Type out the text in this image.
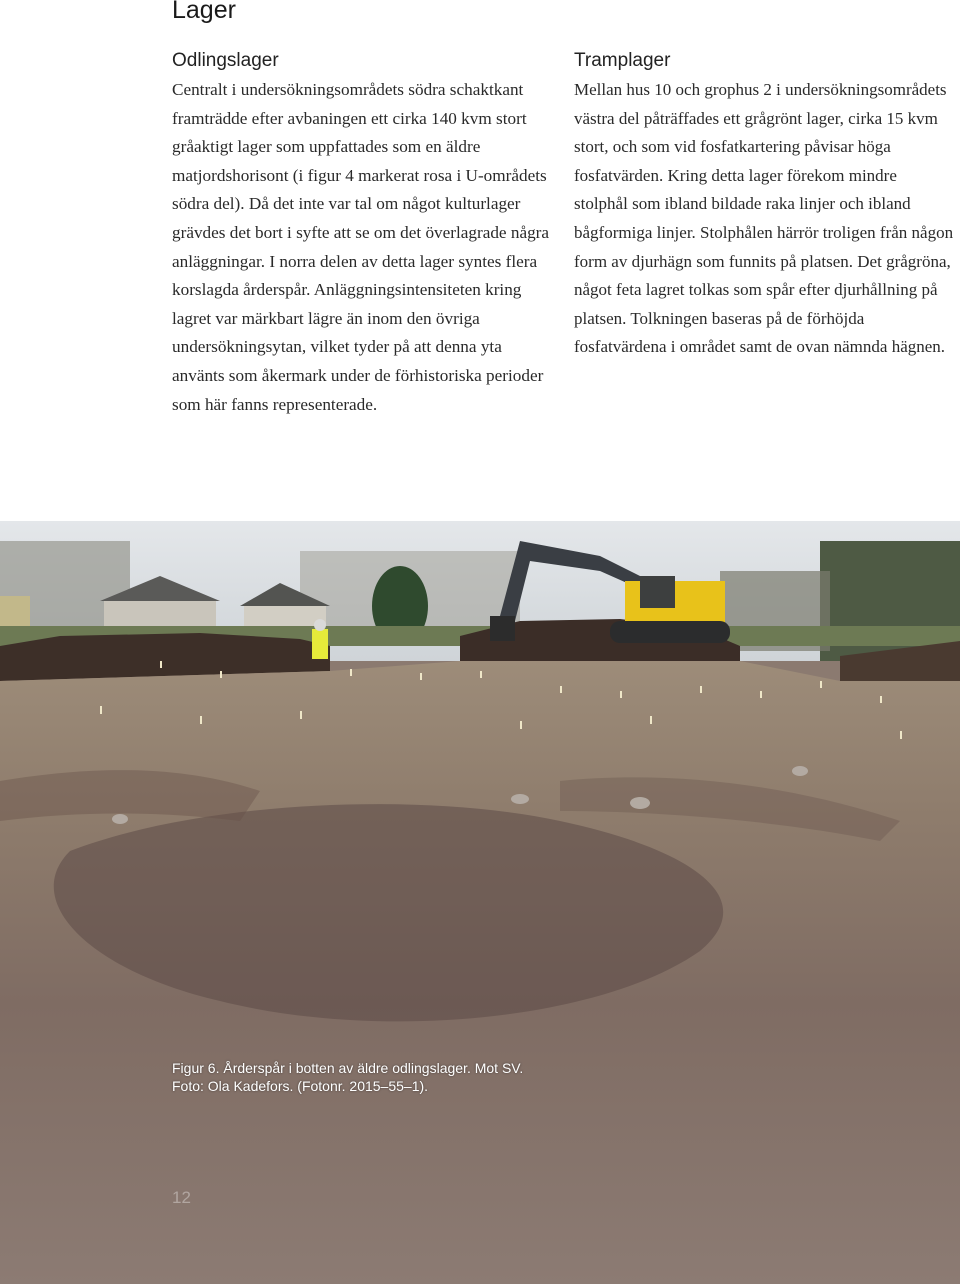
Lager
Odlingslager

Centralt i undersökningsområdets södra schaktkant framträdde efter avbaningen ett cirka 140 kvm stort gråaktigt lager som uppfattades som en äldre matjordshorisont (i figur 4 markerat rosa i U-områdets södra del). Då det inte var tal om något kulturlager grävdes det bort i syfte att se om det överlagrade några anläggningar. I norra delen av detta lager syntes flera korslagda årderspår. Anläggningsintensiteten kring lagret var märkbart lägre än inom den övriga undersökningsytan, vilket tyder på att denna yta använts som åkermark under de förhistoriska perioder som här fanns representerade.

Tramplager

Mellan hus 10 och grophus 2 i undersökningsområdets västra del påträffades ett grågrönt lager, cirka 15 kvm stort, och som vid fosfatkartering påvisar höga fosfatvärden. Kring detta lager förekom mindre stolphål som ibland bildade raka linjer och ibland bågformiga linjer. Stolphålen härrör troligen från någon form av djurhägn som funnits på platsen. Det grågröna, något feta lagret tolkas som spår efter djurhållning på platsen. Tolkningen baseras på de förhöjda fosfatvärdena i området samt de ovan nämnda hägnen.

Figur 6. Årderspår i botten av äldre odlingslager. Mot SV.
Foto: Ola Kadefors. (Fotonr. 2015–55–1).
12
